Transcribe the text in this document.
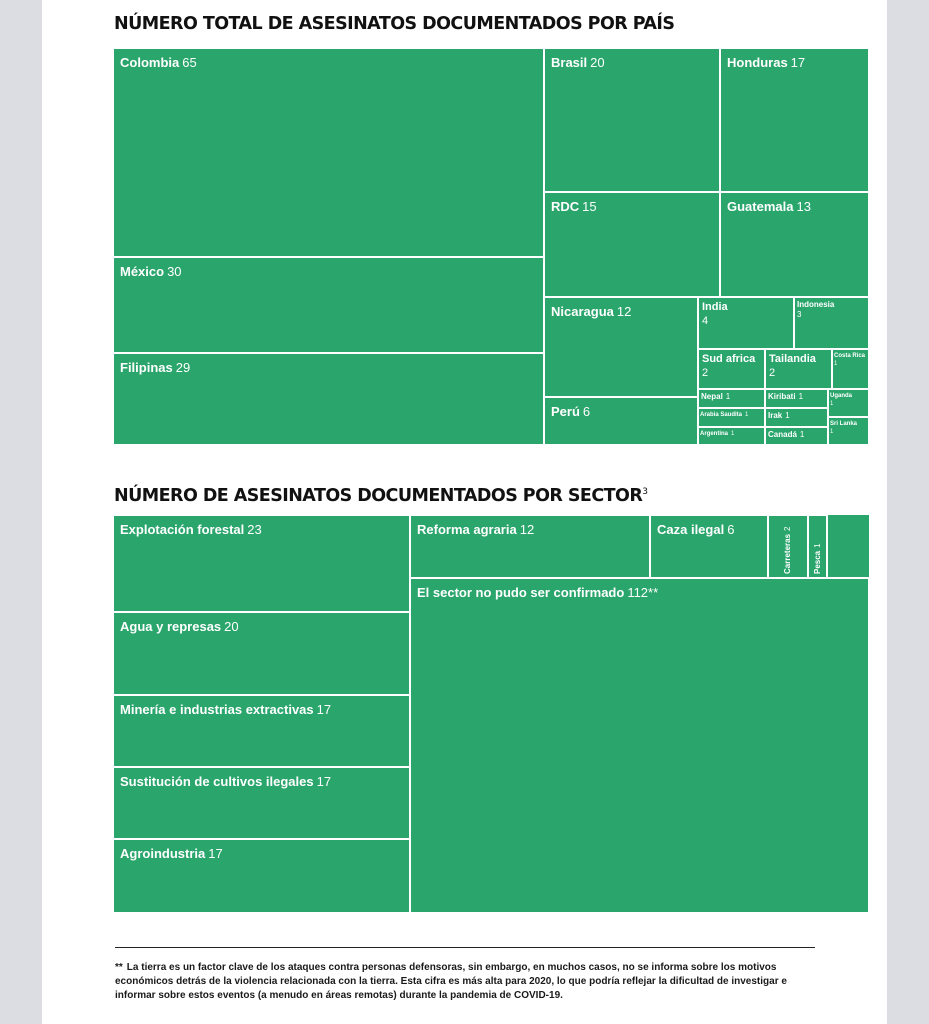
NÚMERO TOTAL DE ASESINATOS DOCUMENTADOS POR PAÍS
Colombia 65	Brasil 20	Honduras 17
RDC 15	Guatemala 13
México 30
Filipinas 29
Nicaragua 12
Perú 6
India
4
Indonesia
3
Sud africa
2
Tailandia
2
Costa Rica
1
Nepal 1	Kiribati 1	Uganda
1
Arabia Saudita 1 Irak 1
Sri Lanka
1
Argentina 1	Canadá 1
NÚMERO DE ASESINATOS DOCUMENTADOS POR SECTOR$^3$
Explotación forestal 23
Agua y represas 20
Minería e industrias extractivas 17
Sustitución de cultivos ilegales 17
Agroindustria 17
Reforma agraria 12	Caza ilegal 6
Carreteras2
Pesca1
El sector no pudo ser confirmado 112**

** La tierra es un factor clave de los ataques contra personas defensoras, sin embargo, en muchos casos, no se informa sobre los motivos económicos detrás de la violencia relacionada con la tierra. Esta cifra es más alta para 2020, lo que podría reflejar la dificultad de investigar e informar sobre estos eventos (a menudo en áreas remotas) durante la pandemia de COVID-19.
